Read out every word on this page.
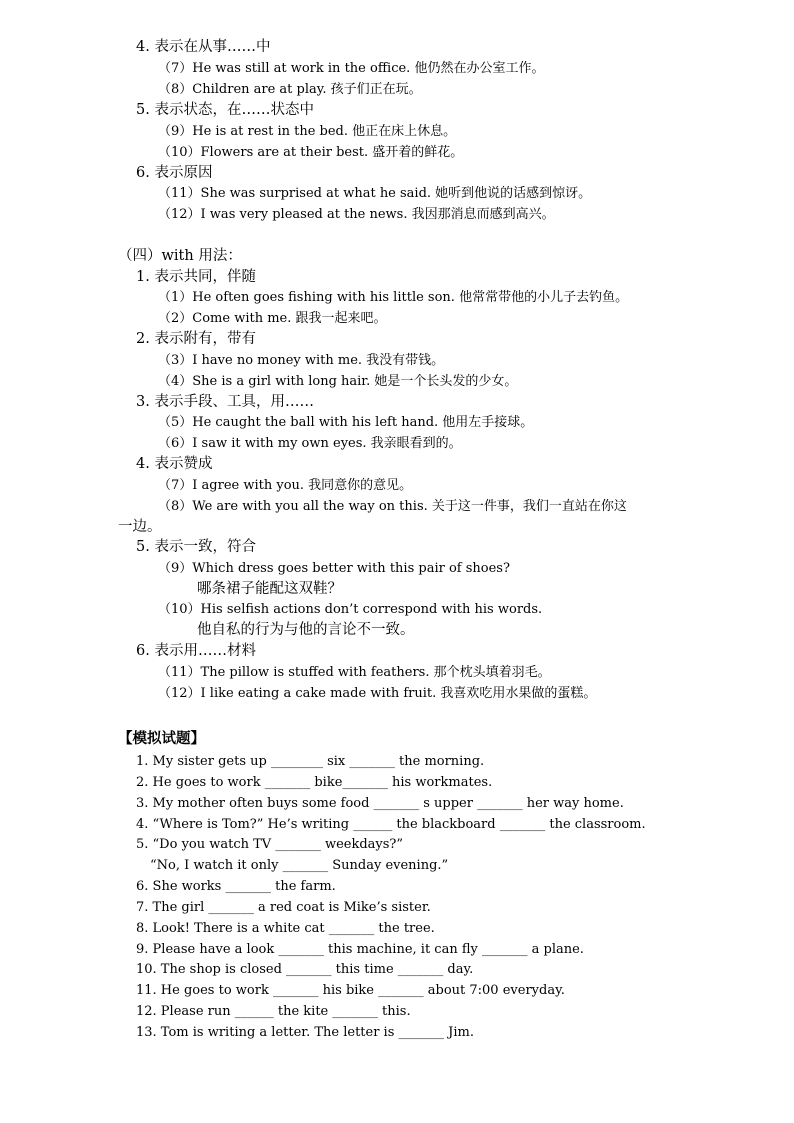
4. 表示在从事……中
（7）He was still at work in the office. 他仍然在办公室工作。
（8）Children are at play. 孩子们正在玩。
5. 表示状态，在……状态中
（9）He is at rest in the bed. 他正在床上休息。
（10）Flowers are at their best. 盛开着的鲜花。
6. 表示原因
（11）She was surprised at what he said. 她听到他说的话感到惊讶。
（12）I was very pleased at the news. 我因那消息而感到高兴。
（四）with 用法：
1. 表示共同，伴随
（1）He often goes fishing with his little son. 他常常带他的小儿子去钓鱼。
（2）Come with me. 跟我一起来吧。
2. 表示附有，带有
（3）I have no money with me. 我没有带钱。
（4）She is a girl with long hair. 她是一个长头发的少女。
3. 表示手段、工具，用……
（5）He caught the ball with his left hand. 他用左手接球。
（6）I saw it with my own eyes. 我亲眼看到的。
4. 表示赞成
（7）I agree with you. 我同意你的意见。
（8）We are with you all the way on this. 关于这一件事，我们一直站在你这
一边。
5. 表示一致，符合
（9）Which dress goes better with this pair of shoes?
哪条裙子能配这双鞋？
（10）His selfish actions don’t correspond with his words.
他自私的行为与他的言论不一致。
6. 表示用……材料
（11）The pillow is stuffed with feathers. 那个枕头填着羽毛。
（12）I like eating a cake made with fruit. 我喜欢吃用水果做的蛋糕。
【模拟试题】
1. My sister gets up ________ six _______ the morning.
2. He goes to work _______ bike_______ his workmates.
3. My mother often buys some food _______ s upper _______ her way home.
4. “Where is Tom?” He’s writing ______ the blackboard _______ the classroom.
5. “Do you watch TV _______ weekdays?”
“No, I watch it only _______ Sunday evening.”
6. She works _______ the farm.
7. The girl _______ a red coat is Mike’s sister.
8. Look! There is a white cat _______ the tree.
9. Please have a look _______ this machine, it can fly _______ a plane.
10. The shop is closed _______ this time _______ day.
11. He goes to work _______ his bike _______ about 7:00 everyday.
12. Please run ______ the kite _______ this.
13. Tom is writing a letter. The letter is _______ Jim.
